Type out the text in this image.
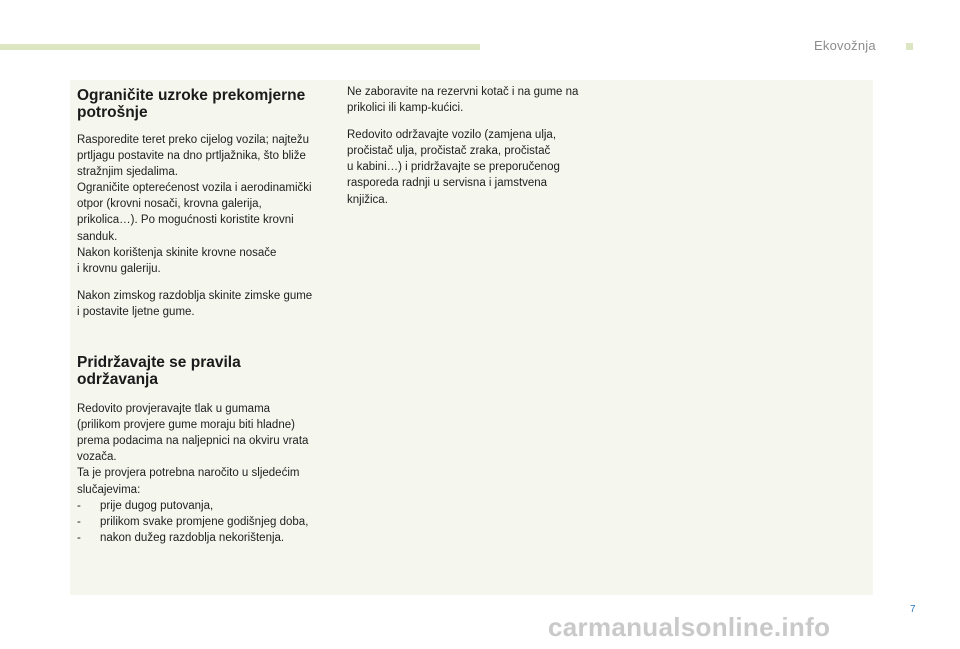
Ekovožnja
Ograničite uzroke prekomjerne potrošnje

Rasporedite teret preko cijelog vozila; najtežu
prtljagu postavite na dno prtljažnika, što bliže
stražnjim sjedalima.
Ograničite opterećenost vozila i aerodinamički
otpor (krovni nosači, krovna galerija,
prikolica…). Po mogućnosti koristite krovni
sanduk.
Nakon korištenja skinite krovne nosače
i krovnu galeriju.

Nakon zimskog razdoblja skinite zimske gume
i postavite ljetne gume.

Pridržavajte se pravila
održavanja

Redovito provjeravajte tlak u gumama
(prilikom provjere gume moraju biti hladne)
prema podacima na naljepnici na okviru vrata
vozača.
Ta je provjera potrebna naročito u sljedećim
slučajevima:

- prije dugog putovanja,
- prilikom svake promjene godišnjeg doba,
- nakon dužeg razdoblja nekorištenja.

Ne zaboravite na rezervni kotač i na gume na
prikolici ili kamp-kućici.

Redovito održavajte vozilo (zamjena ulja,
pročistač ulja, pročistač zraka, pročistač
u kabini…) i pridržavajte se preporučenog
rasporeda radnji u servisna i jamstvena
knjižica.

7
carmanualsonline.info
